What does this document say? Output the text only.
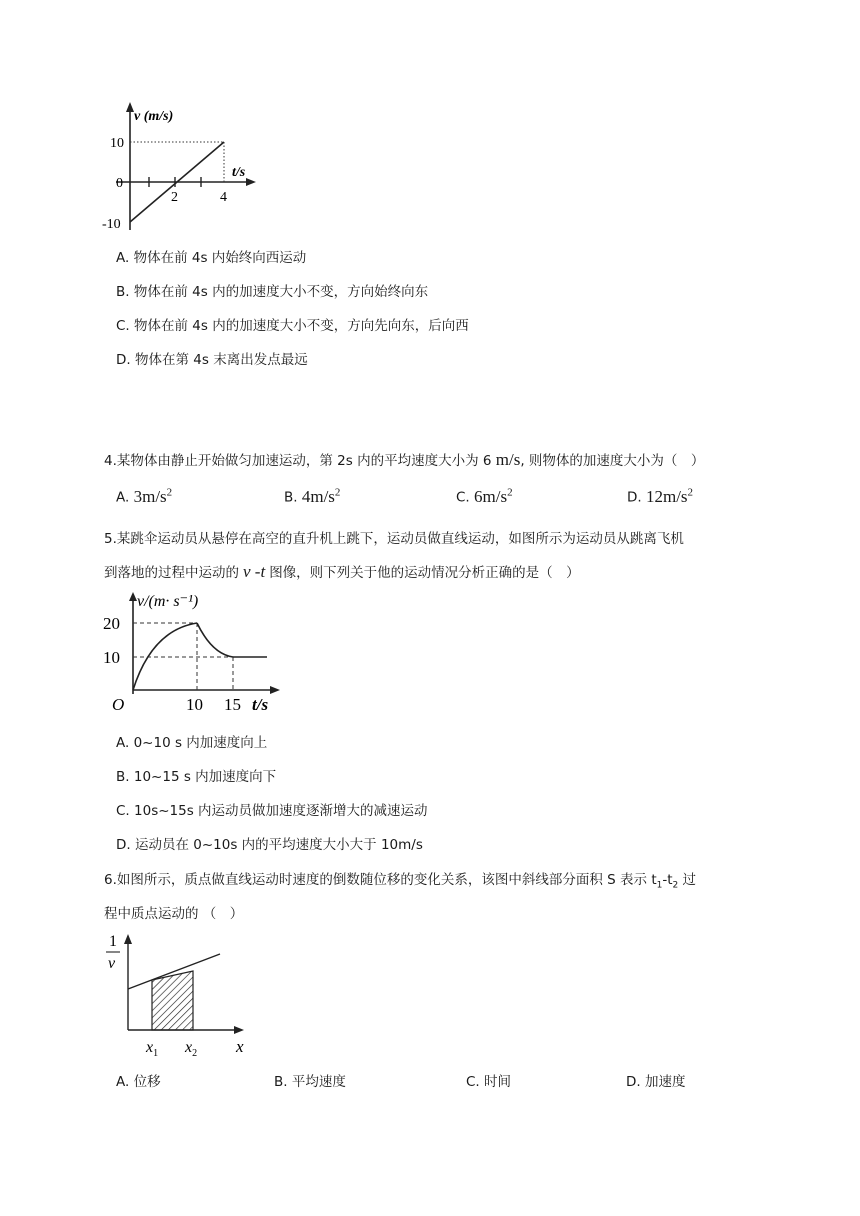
v (m/s)
10
0
-10
2	4
t/s
A. 物体在前 4s 内始终向西运动
B. 物体在前 4s 内的加速度大小不变，方向始终向东
C. 物体在前 4s 内的加速度大小不变，方向先向东，后向西
D. 物体在第 4s 末离出发点最远
4.某物体由静止开始做匀加速运动，第 2s 内的平均速度大小为 6 m/s, 则物体的加速度大小为（　）
A. $3m/s^2$	B. $4m/s^2$	C. $6m/s^2$	D. $12m/s^2$
5.某跳伞运动员从悬停在高空的直升机上跳下，运动员做直线运动，如图所示为运动员从跳离飞机
到落地的过程中运动的 v -t 图像，则下列关于他的运动情况分析正确的是（　）
v/(m· s⁻¹)
20
10
O	10 15 t/s
A. 0~10 s 内加速度向上
B. 10~15 s 内加速度向下
C. 10s~15s 内运动员做加速度逐渐增大的减速运动
D. 运动员在 0~10s 内的平均速度大小大于 10m/s
6.如图所示，质点做直线运动时速度的倒数随位移的变化关系，该图中斜线部分面积 S 表示 $t_1-t_2$ 过
程中质点运动的 （　）
1
v
$x_1$ $x_2$ x
A. 位移	B. 平均速度	C. 时间	D. 加速度
